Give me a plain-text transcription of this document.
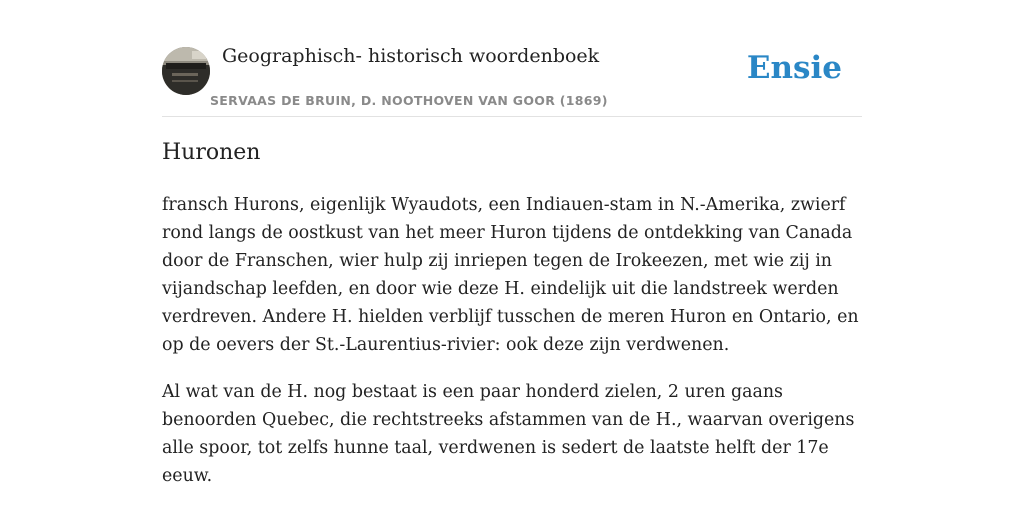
Geographisch- historisch woordenboek
SERVAAS DE BRUIN, D. NOOTHOVEN VAN GOOR (1869)
Ensie
Huronen

fransch Hurons, eigenlijk Wyaudots, een Indiauen-stam in N.-Amerika, zwierf rond langs de oostkust van het meer Huron tijdens de ontdekking van Canada door de Franschen, wier hulp zij inriepen tegen de Irokeezen, met wie zij in vijandschap leefden, en door wie deze H. eindelijk uit die landstreek werden verdreven. Andere H. hielden verblijf tusschen de meren Huron en Ontario, en op de oevers der St.-Laurentius-rivier: ook deze zijn verdwenen.

Al wat van de H. nog bestaat is een paar honderd zielen, 2 uren gaans benoorden Quebec, die rechtstreeks afstammen van de H., waarvan overigens alle spoor, tot zelfs hunne taal, verdwenen is sedert de laatste helft der 17e eeuw.
